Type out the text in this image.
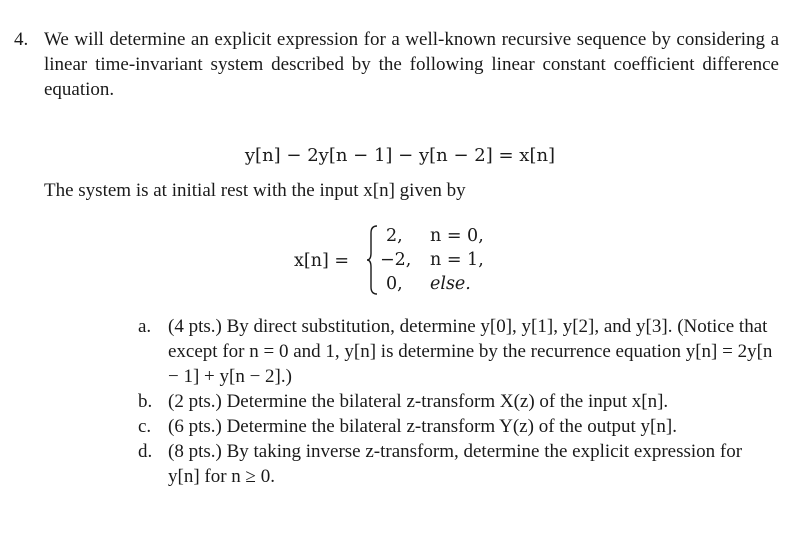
4. We will determine an explicit expression for a well-known recursive sequence by considering a linear time-invariant system described by the following linear constant coefficient difference equation.
y[n] − 2y[n − 1] − y[n − 2] = x[n]
The system is at initial rest with the input x[n] given by
x[n] =
2, n = 0,
−2, n = 1,
0, else.
a. (4 pts.) By direct substitution, determine y[0], y[1], y[2], and y[3]. (Notice that except for n = 0 and 1, y[n] is determine by the recurrence equation y[n] = 2y[n − 1] + y[n − 2].)
b. (2 pts.) Determine the bilateral z-transform X(z) of the input x[n].
c. (6 pts.) Determine the bilateral z-transform Y(z) of the output y[n].
d. (8 pts.) By taking inverse z-transform, determine the explicit expression for y[n] for n ≥ 0.
